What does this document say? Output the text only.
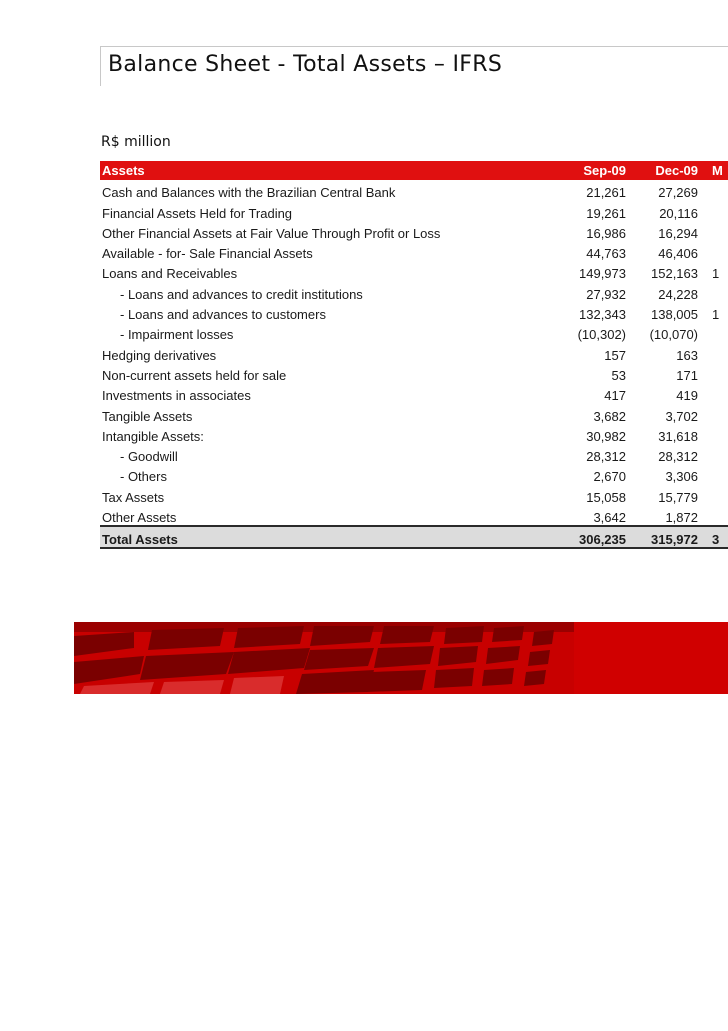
Balance Sheet - Total Assets – IFRS
R$ million
Assets	Sep-09	Dec-09	M
Cash and Balances with the Brazilian Central Bank	21,261	27,269	
Financial Assets Held for Trading	19,261	20,116	
Other Financial Assets at Fair Value Through Profit or Loss	16,986	16,294	
Available - for- Sale Financial Assets	44,763	46,406	
Loans and Receivables	149,973	152,163	1
- Loans and advances to credit institutions	27,932	24,228	
- Loans and advances to customers	132,343	138,005	1
- Impairment losses	(10,302)	(10,070)	
Hedging derivatives	157	163	
Non-current assets held for sale	53	171	
Investments in associates	417	419	
Tangible Assets	3,682	3,702	
Intangible Assets:	30,982	31,618	
- Goodwill	28,312	28,312	
- Others	2,670	3,306	
Tax Assets	15,058	15,779	
Other Assets	3,642	1,872	
Total Assets	306,235	315,972	3
